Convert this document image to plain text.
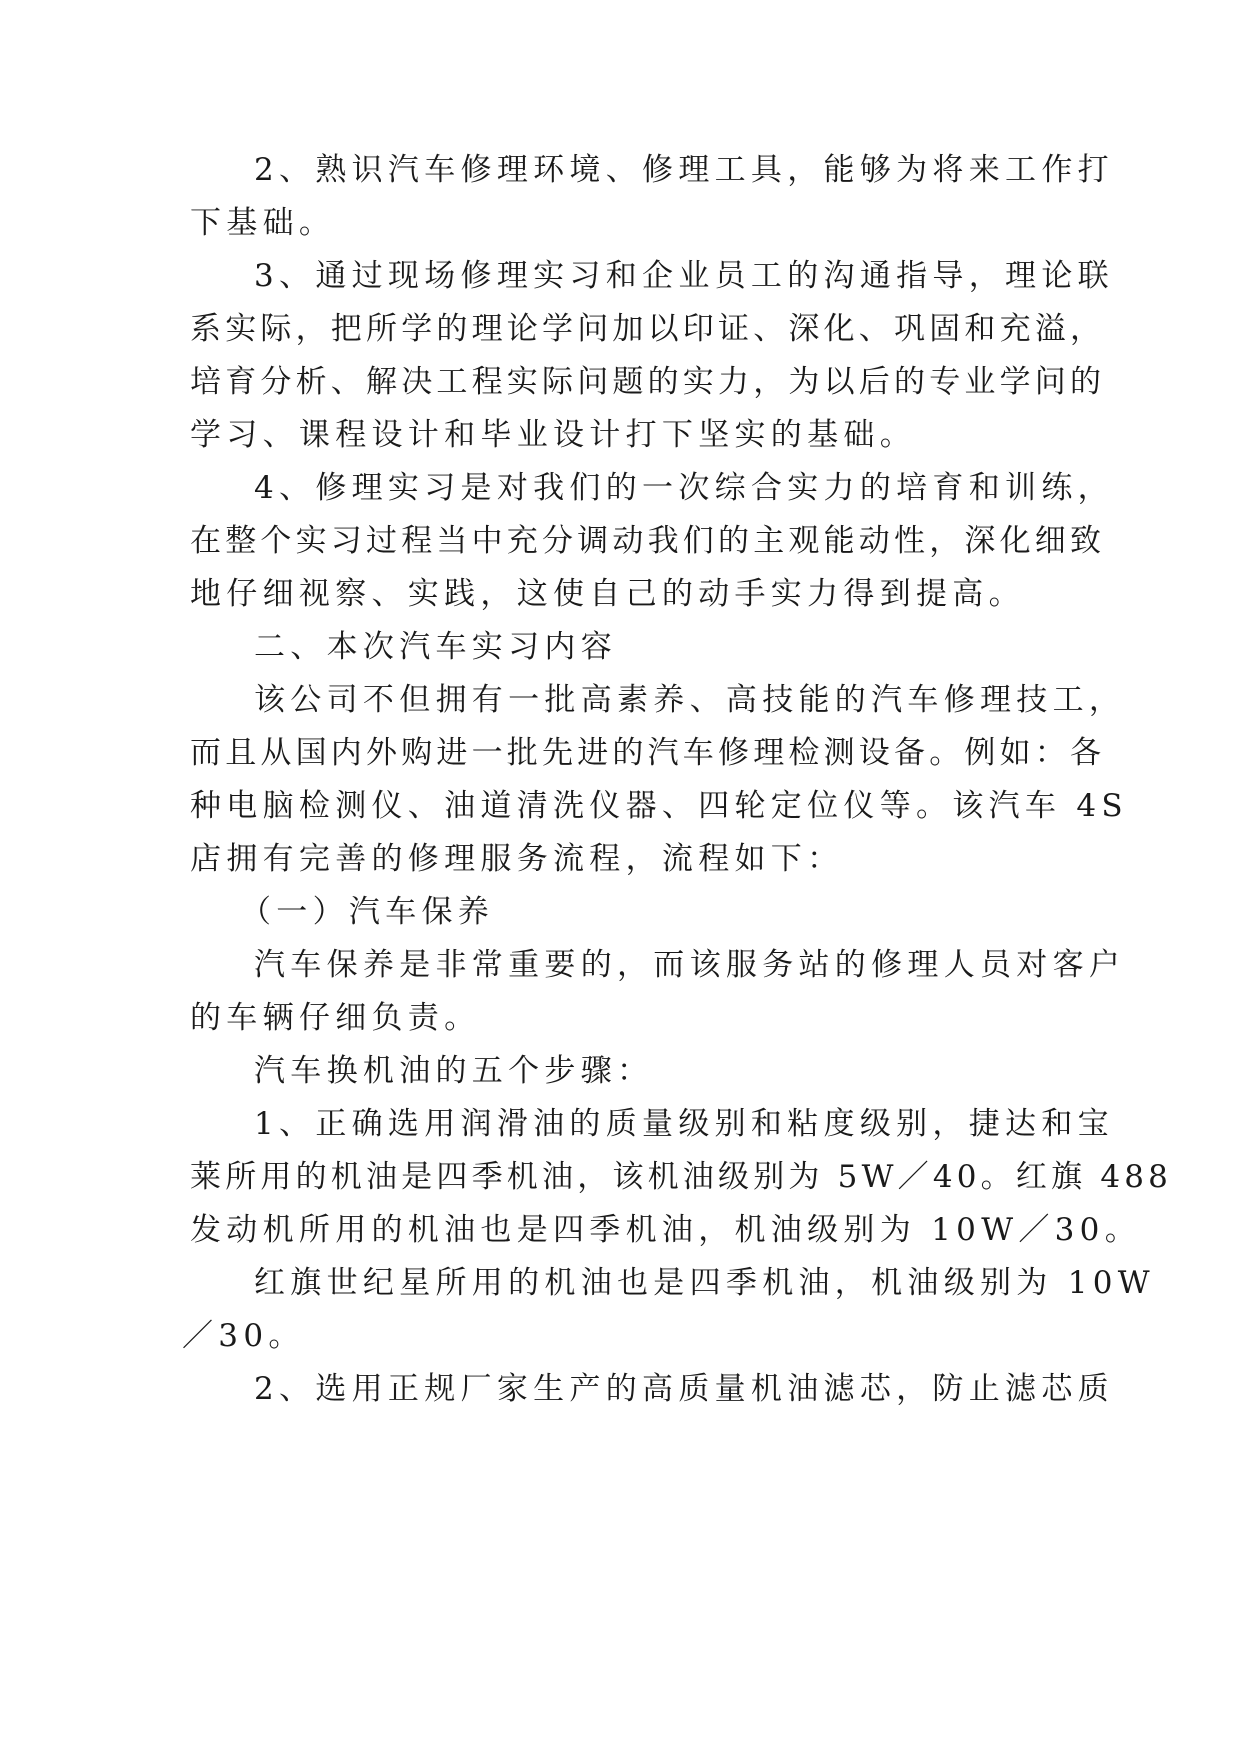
2、熟识汽车修理环境、修理工具，能够为将来工作打
下基础。
3、通过现场修理实习和企业员工的沟通指导，理论联
系实际，把所学的理论学问加以印证、深化、巩固和充溢，
培育分析、解决工程实际问题的实力，为以后的专业学问的
学习、课程设计和毕业设计打下坚实的基础。
4、修理实习是对我们的一次综合实力的培育和训练，
在整个实习过程当中充分调动我们的主观能动性，深化细致
地仔细视察、实践，这使自己的动手实力得到提高。
二、本次汽车实习内容
该公司不但拥有一批高素养、高技能的汽车修理技工，
而且从国内外购进一批先进的汽车修理检测设备。例如：各
种电脑检测仪、油道清洗仪器、四轮定位仪等。该汽车 4S
店拥有完善的修理服务流程，流程如下：
（一）汽车保养
汽车保养是非常重要的，而该服务站的修理人员对客户
的车辆仔细负责。
汽车换机油的五个步骤：
1、正确选用润滑油的质量级别和粘度级别，捷达和宝
莱所用的机油是四季机油，该机油级别为 5W／40。红旗 488
发动机所用的机油也是四季机油，机油级别为 10W／30。
红旗世纪星所用的机油也是四季机油，机油级别为 10W
／30。
2、选用正规厂家生产的高质量机油滤芯，防止滤芯质
